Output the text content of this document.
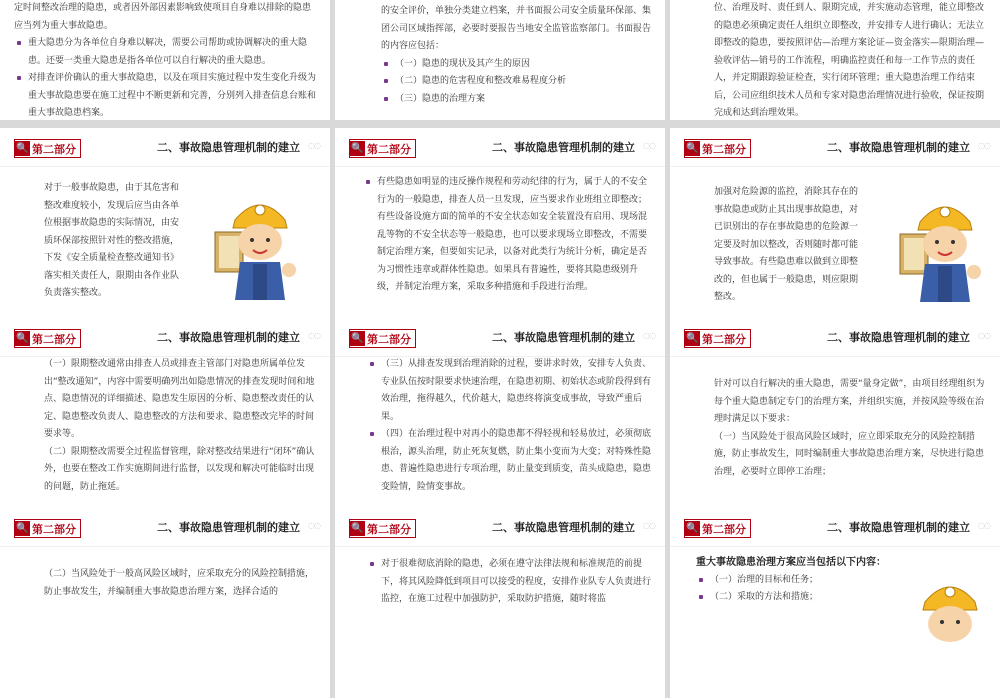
定时间整改治理的隐患，或者因外部因素影响致使项目自身难以排除的隐患应当列为重大事故隐患。

重大隐患分为各单位自身难以解决，需要公司帮助或协调解决的重大隐患。还要一类重大隐患是指各单位可以自行解决的重大隐患。

对排查评价确认的重大事故隐患，以及在项目实施过程中发生变化升级为重大事故隐患要在施工过程中不断更新和完善，分别列入排查信息台账和重大事故隐患档案。

的安全评价，单独分类建立档案，并书面报公司安全质量环保部、集团公司区域指挥部，必要时要报告当地安全监管监察部门。书面报告的内容应包括：

（一）隐患的现状及其产生的原因

（二）隐患的危害程度和整改难易程度分析

（三）隐患的治理方案

位、治理及时、责任到人、限期完成，并实施动态管理，能立即整改的隐患必须确定责任人组织立即整改，并安排专人进行确认；无法立即整改的隐患，要按照评估—治理方案论证—资金落实—限期治理—验收评估—销号的工作流程，明确监控责任和每一工作节点的责任人，并定期跟踪验证检查，实行闭环管理；重大隐患治理工作结束后，公司应组织技术人员和专家对隐患治理情况进行验收，保证按期完成和达到治理效果。

🔍 第二部分	二、事故隐患管理机制的建立 ◌◌

对于一般事故隐患，由于其危害和整改难度较小，发现后应当由各单位根据事故隐患的实际情况，由安质环保部按照针对性的整改措施，下发《安全质量检查整改通知书》落实相关责任人，限期由各作业队负责落实整改。

🔍 第二部分	二、事故隐患管理机制的建立 ◌◌

有些隐患如明显的违反操作规程和劳动纪律的行为，属于人的不安全行为的一般隐患，排查人员一旦发现，应当要求作业班组立即整改；有些设备设施方面的简单的不安全状态如安全装置没有启用、现场混乱等物的不安全状态等一般隐患，也可以要求现场立即整改，不需要制定治理方案，但要如实记录，以备对此类行为统计分析，确定是否为习惯性违章或群体性隐患。如果具有普遍性，要将其隐患级别升级，并制定治理方案，采取多种措施和手段进行治理。

🔍 第二部分	二、事故隐患管理机制的建立 ◌◌

加强对危险源的监控，消除其存在的事故隐患或防止其出现事故隐患，对已识别出的存在事故隐患的危险源一定要及时加以整改，否则随时都可能导致事故。有些隐患难以做到立即整改的，但也属于一般隐患，则应限期整改。

🔍 第二部分	二、事故隐患管理机制的建立 ◌◌

（一）限期整改通常由排查人员或排查主管部门对隐患所属单位发出“整改通知”，内容中需要明确列出如隐患情况的排查发现时间和地点、隐患情况的详细描述、隐患发生原因的分析、隐患整改责任的认定、隐患整改负责人、隐患整改的方法和要求、隐患整改完毕的时间要求等。

（二）限期整改需要全过程监督管理，除对整改结果进行“闭环”确认外，也要在整改工作实施期间进行监督，以发现和解决可能临时出现的问题，防止拖延。

🔍 第二部分	二、事故隐患管理机制的建立 ◌◌

（三）从排查发现到治理消除的过程，要讲求时效，安排专人负责、专业队伍按时限要求快速治理，在隐患初期、初始状态或阶段得到有效治理，拖得越久，代价越大，隐患终将演变成事故，导致严重后果。

（四）在治理过程中对再小的隐患都不得轻视和轻易放过，必须彻底根治，源头治理，防止死灰复燃，防止集小变而为大变；对特殊性隐患、普遍性隐患进行专项治理，防止量变到质变，苗头成隐患，隐患变险情，险情变事故。

🔍 第二部分	二、事故隐患管理机制的建立 ◌◌

针对可以自行解决的重大隐患，需要“量身定做”，由项目经理组织为每个重大隐患制定专门的治理方案，并组织实施，并按风险等级在治理时满足以下要求：

（一）当风险处于很高风险区域时，应立即采取充分的风险控制措施，防止事故发生，同时编制重大事故隐患治理方案，尽快进行隐患治理，必要时立即停工治理；

🔍 第二部分	二、事故隐患管理机制的建立 ◌◌

（二）当风险处于一般高风险区域时，应采取充分的风险控制措施，防止事故发生，并编制重大事故隐患治理方案，选择合适的

🔍 第二部分	二、事故隐患管理机制的建立 ◌◌

对于很难彻底消除的隐患，必须在遵守法律法规和标准规范的前提下，将其风险降低到项目可以接受的程度，安排作业队专人负责进行监控，在施工过程中加强防护，采取防护措施，随时将监

🔍 第二部分	二、事故隐患管理机制的建立 ◌◌

重大事故隐患治理方案应当包括以下内容：

（一）治理的目标和任务；

（二）采取的方法和措施；
